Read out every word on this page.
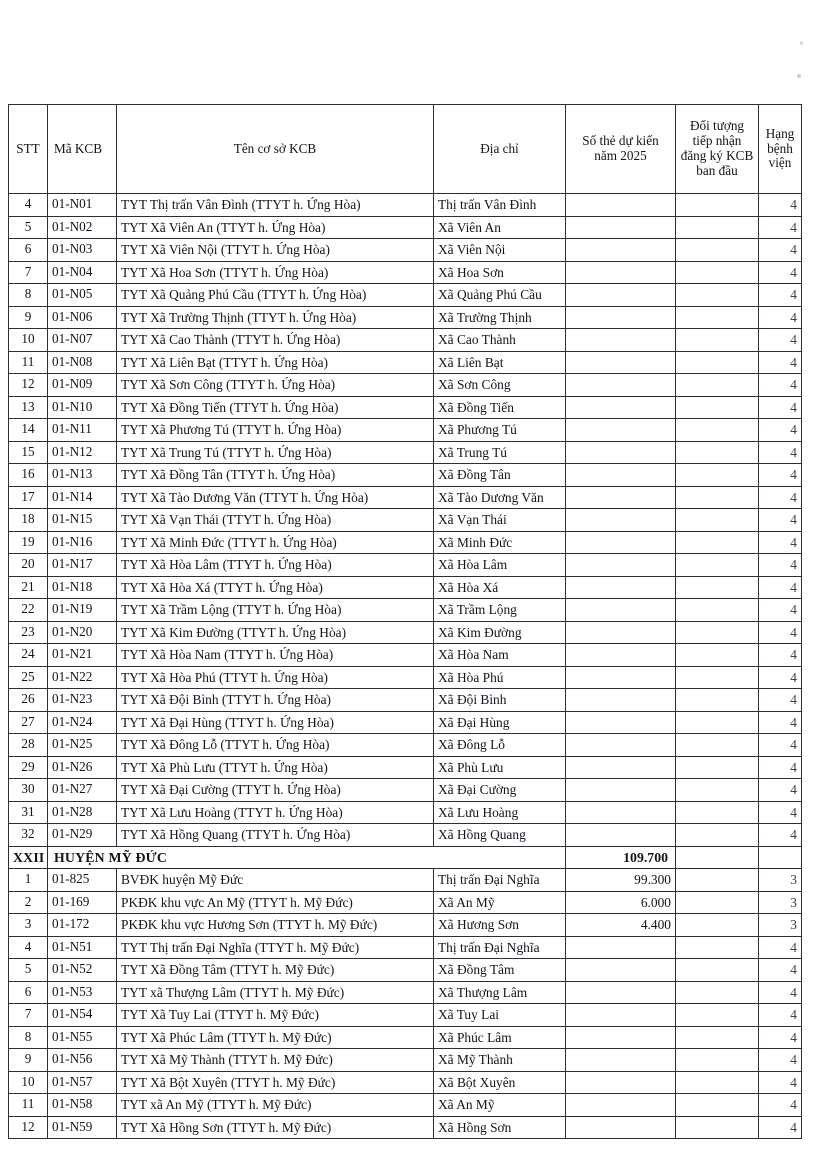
STT	Mã KCB	Tên cơ sở KCB	Địa chỉ	Số thẻ dự kiến năm 2025	Đối tượng tiếp nhận đăng ký KCB ban đầu	Hạng bệnh viện
4	01-N01	TYT Thị trấn Vân Đình (TTYT h. Ứng Hòa)	Thị trấn Vân Đình			4
5	01-N02	TYT Xã Viên An (TTYT h. Ứng Hòa)	Xã Viên An			4
6	01-N03	TYT Xã Viên Nội (TTYT h. Ứng Hòa)	Xã Viên Nội			4
7	01-N04	TYT Xã Hoa Sơn (TTYT h. Ứng Hòa)	Xã Hoa Sơn			4
8	01-N05	TYT Xã Quảng Phú Cầu (TTYT h. Ứng Hòa)	Xã Quảng Phú Cầu			4
9	01-N06	TYT Xã Trường Thịnh (TTYT h. Ứng Hòa)	Xã Trường Thịnh			4
10	01-N07	TYT Xã Cao Thành (TTYT h. Ứng Hòa)	Xã Cao Thành			4
11	01-N08	TYT Xã Liên Bạt (TTYT h. Ứng Hòa)	Xã Liên Bạt			4
12	01-N09	TYT Xã Sơn Công (TTYT h. Ứng Hòa)	Xã Sơn Công			4
13	01-N10	TYT Xã Đồng Tiến (TTYT h. Ứng Hòa)	Xã Đồng Tiến			4
14	01-N11	TYT Xã Phương Tú (TTYT h. Ứng Hòa)	Xã Phương Tú			4
15	01-N12	TYT Xã Trung Tú (TTYT h. Ứng Hòa)	Xã Trung Tú			4
16	01-N13	TYT Xã Đồng Tân (TTYT h. Ứng Hòa)	Xã Đồng Tân			4
17	01-N14	TYT Xã Tào Dương Văn (TTYT h. Ứng Hòa)	Xã Tào Dương Văn			4
18	01-N15	TYT Xã Vạn Thái (TTYT h. Ứng Hòa)	Xã Vạn Thái			4
19	01-N16	TYT Xã Minh Đức (TTYT h. Ứng Hòa)	Xã Minh Đức			4
20	01-N17	TYT Xã Hòa Lâm (TTYT h. Ứng Hòa)	Xã Hòa Lâm			4
21	01-N18	TYT Xã Hòa Xá (TTYT h. Ứng Hòa)	Xã Hòa Xá			4
22	01-N19	TYT Xã Trầm Lộng (TTYT h. Ứng Hòa)	Xã Trầm Lộng			4
23	01-N20	TYT Xã Kim Đường (TTYT h. Ứng Hòa)	Xã Kim Đường			4
24	01-N21	TYT Xã Hòa Nam (TTYT h. Ứng Hòa)	Xã Hòa Nam			4
25	01-N22	TYT Xã Hòa Phú (TTYT h. Ứng Hòa)	Xã Hòa Phú			4
26	01-N23	TYT Xã Đội Bình (TTYT h. Ứng Hòa)	Xã Đội Bình			4
27	01-N24	TYT Xã Đại Hùng (TTYT h. Ứng Hòa)	Xã Đại Hùng			4
28	01-N25	TYT Xã Đông Lỗ (TTYT h. Ứng Hòa)	Xã Đông Lỗ			4
29	01-N26	TYT Xã Phù Lưu (TTYT h. Ứng Hòa)	Xã Phù Lưu			4
30	01-N27	TYT Xã Đại Cường (TTYT h. Ứng Hòa)	Xã Đại Cường			4
31	01-N28	TYT Xã Lưu Hoàng (TTYT h. Ứng Hòa)	Xã Lưu Hoàng			4
32	01-N29	TYT Xã Hồng Quang (TTYT h. Ứng Hòa)	Xã Hồng Quang			4
XXII	HUYỆN MỸ ĐỨC			109.700		
1	01-825	BVĐK huyện Mỹ Đức	Thị trấn Đại Nghĩa	99.300		3
2	01-169	PKĐK khu vực An Mỹ (TTYT h. Mỹ Đức)	Xã An Mỹ	6.000		3
3	01-172	PKĐK khu vực Hương Sơn (TTYT h. Mỹ Đức)	Xã Hương Sơn	4.400		3
4	01-N51	TYT Thị trấn Đại Nghĩa (TTYT h. Mỹ Đức)	Thị trấn Đại Nghĩa			4
5	01-N52	TYT Xã Đồng Tâm (TTYT h. Mỹ Đức)	Xã Đồng Tâm			4
6	01-N53	TYT xã Thượng Lâm (TTYT h. Mỹ Đức)	Xã Thượng Lâm			4
7	01-N54	TYT Xã Tuy Lai (TTYT h. Mỹ Đức)	Xã Tuy Lai			4
8	01-N55	TYT Xã Phúc Lâm (TTYT h. Mỹ Đức)	Xã Phúc Lâm			4
9	01-N56	TYT Xã Mỹ Thành (TTYT h. Mỹ Đức)	Xã Mỹ Thành			4
10	01-N57	TYT Xã Bột Xuyên (TTYT h. Mỹ Đức)	Xã Bột Xuyên			4
11	01-N58	TYT xã An Mỹ (TTYT h. Mỹ Đức)	Xã An Mỹ			4
12	01-N59	TYT Xã Hồng Sơn (TTYT h. Mỹ Đức)	Xã Hồng Sơn			4
